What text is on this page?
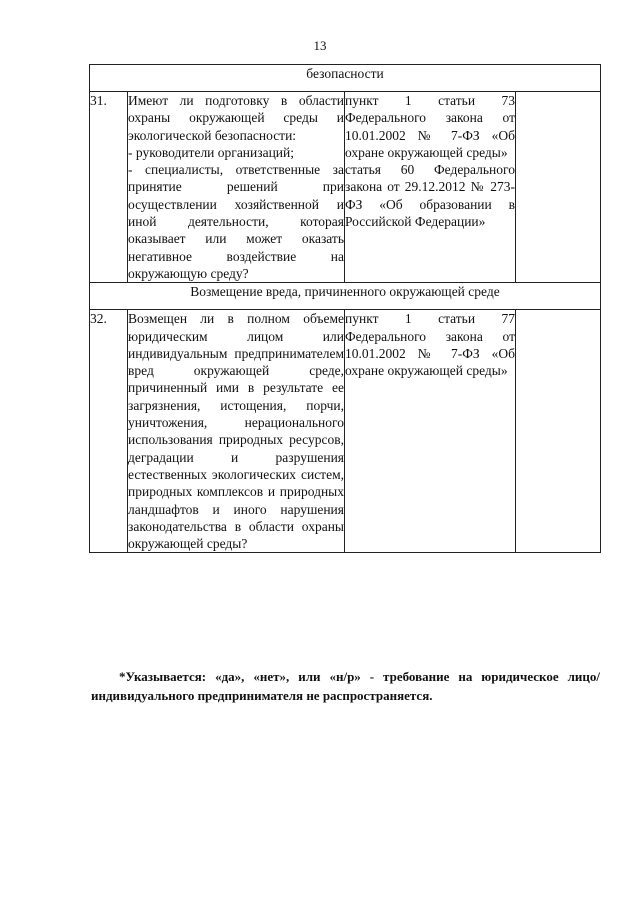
13
безопасности			
31.	Имеют ли подготовку в области охраны окружающей среды и экологической безопасности:
- руководители организаций;
- специалисты, ответственные за принятие решений при осуществлении хозяйственной и иной деятельности, которая оказывает или может оказать негативное воздействие на окружающую среду?	пункт 1 статьи 73 Федерального закона от 10.01.2002 № 7-ФЗ «Об охране окружающей среды»
статья 60 Федерального закона от 29.12.2012 № 273-ФЗ «Об образовании в Российской Федерации»	

Возмещение вреда, причиненного окружающей среде			
32.	Возмещен ли в полном объеме юридическим лицом или индивидуальным предпринимателем вред окружающей среде, причиненный ими в результате ее загрязнения, истощения, порчи, уничтожения, нерационального использования природных ресурсов, деградации и разрушения естественных экологических систем, природных комплексов и природных ландшафтов и иного нарушения законодательства в области охраны окружающей среды?	пункт 1 статьи 77 Федерального закона от 10.01.2002 № 7-ФЗ «Об охране окружающей среды»	

*Указывается: «да», «нет», или «н/р» - требование на юридическое лицо/индивидуального предпринимателя не распространяется.
